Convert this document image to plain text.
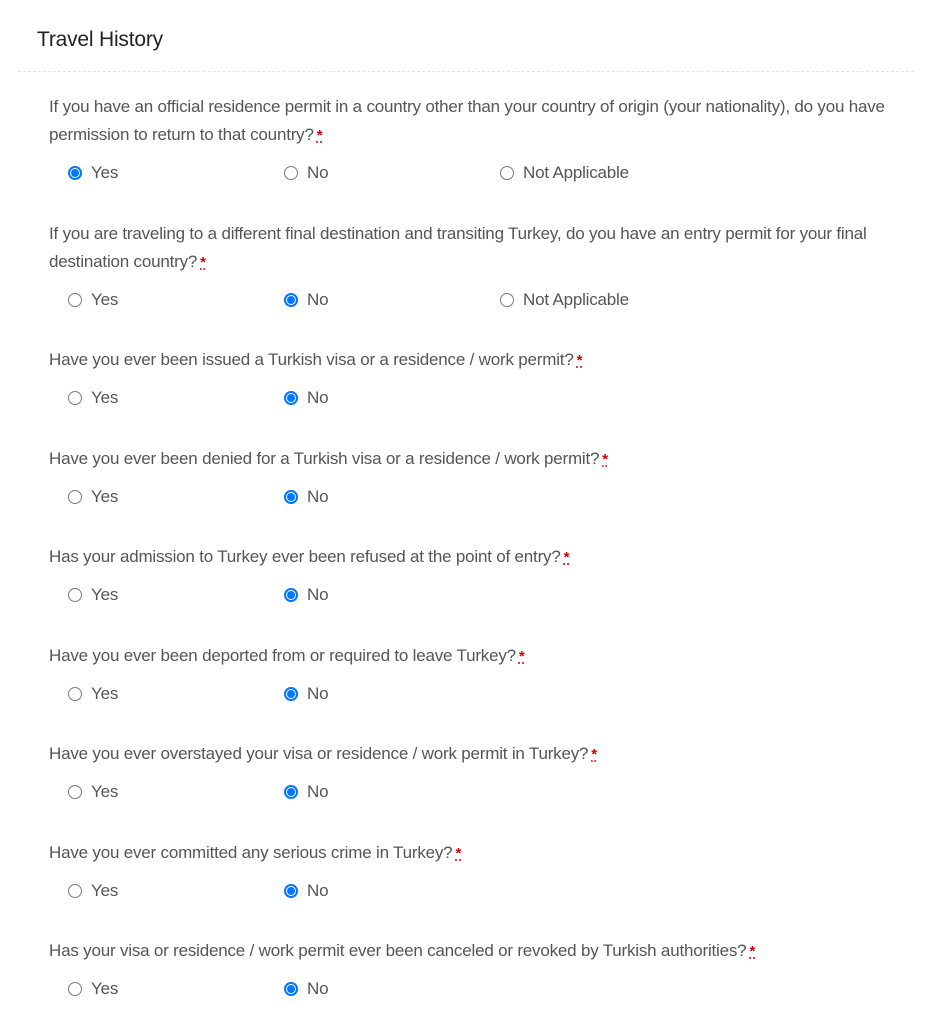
Travel History
If you have an official residence permit in a country other than your country of origin (your nationality), do you have permission to return to that country? *
Yes	No	Not Applicable
If you are traveling to a different final destination and transiting Turkey, do you have an entry permit for your final destination country? *
Yes	No	Not Applicable
Have you ever been issued a Turkish visa or a residence / work permit? *
Yes	No
Have you ever been denied for a Turkish visa or a residence / work permit? *
Yes	No
Has your admission to Turkey ever been refused at the point of entry? *
Yes	No
Have you ever been deported from or required to leave Turkey? *
Yes	No
Have you ever overstayed your visa or residence / work permit in Turkey? *
Yes	No
Have you ever committed any serious crime in Turkey? *
Yes	No
Has your visa or residence / work permit ever been canceled or revoked by Turkish authorities? *
Yes	No
